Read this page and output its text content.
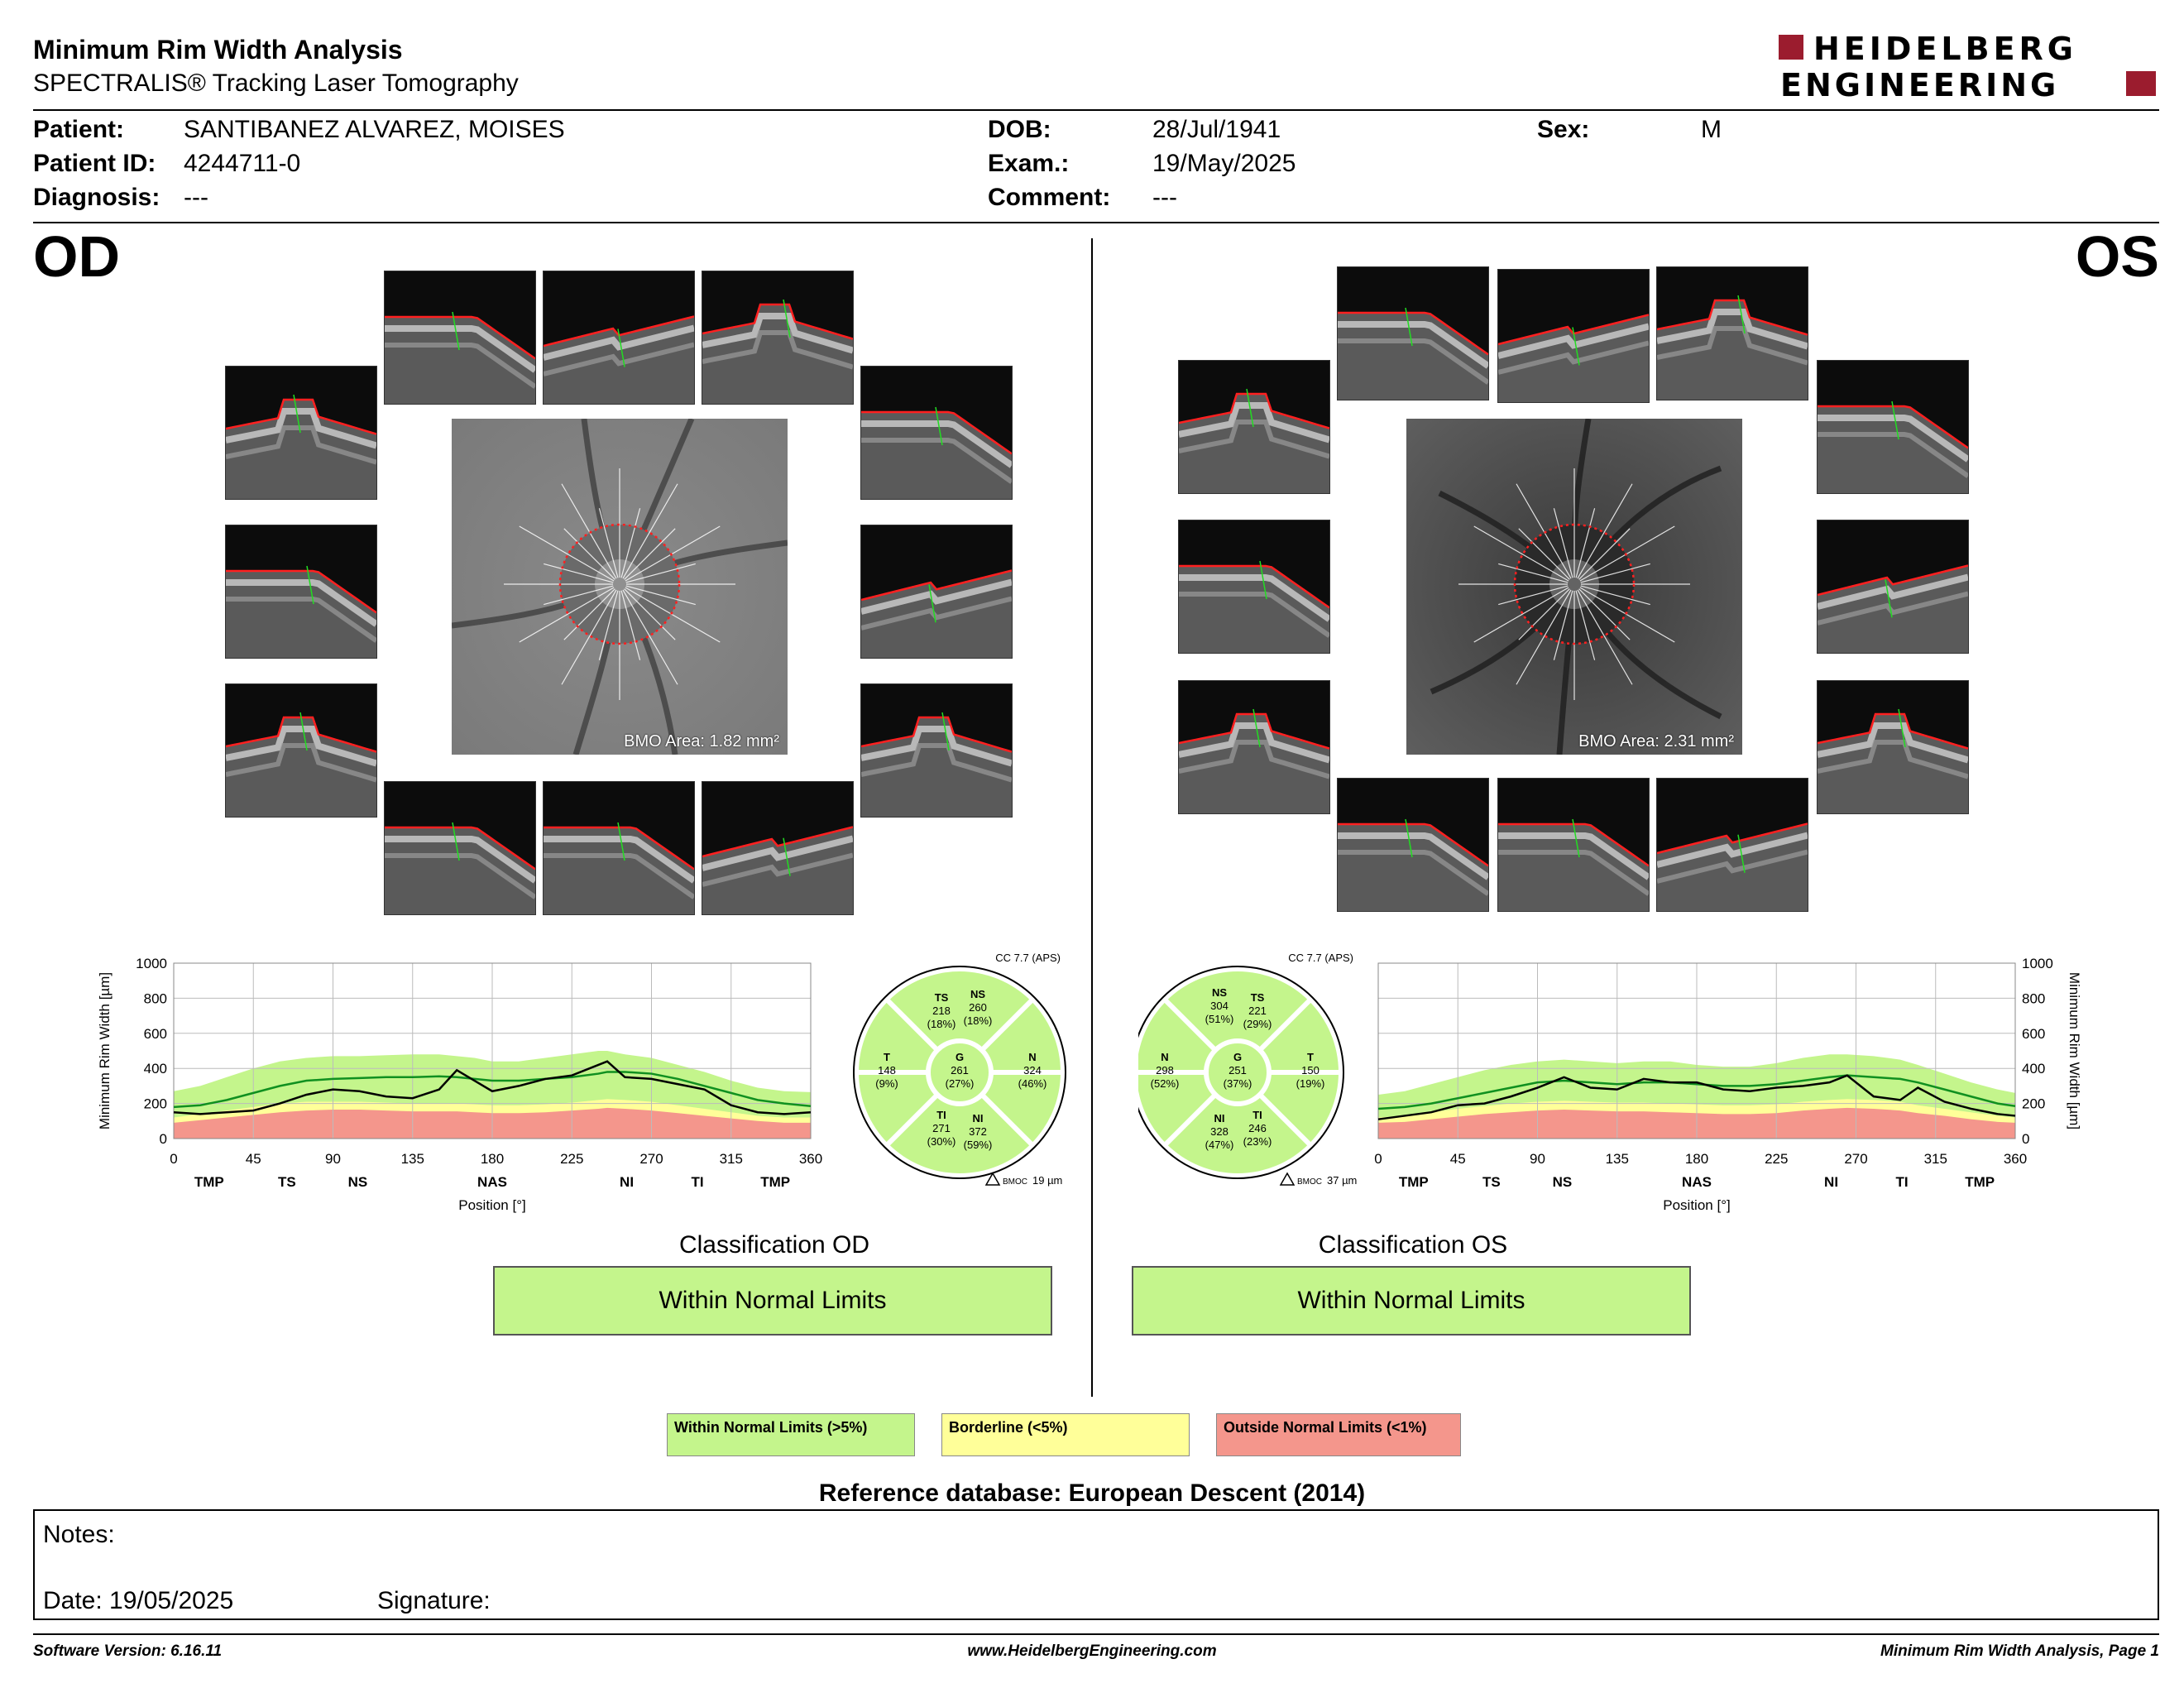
Minimum Rim Width Analysis
SPECTRALIS® Tracking Laser Tomography
HEIDELBERG
ENGINEERING
Patient: SANTIBANEZ ALVAREZ, MOISES
Patient ID: 4244711-0
Diagnosis: ---
DOB:	28/Jul/1941
Exam.:	19/May/2025
Comment: ---
Sex:	M
OD	OS
BMO Area: 1.82 mm²	BMO Area: 2.31 mm²
0
200
400
600
800
1000
0	45	90	135	180	225	270	315	360
TMP	TS	NS	NAS	NI	TI	TMP
Position [°]
Minimum Rim Width [µm]
0
200
400
600
800
1000
0	45	90	135	180	225	270	315	360
TMP	TS	NS	NAS	NI	TI	TMP
Position [°]
Minimum Rim Width [µm]
CC 7.7 (APS)
TS
218
(18%)
NS
260
(18%)
T
148
(9%)
G
261
(27%)
N
324
(46%)
TI
271
(30%)
NI
372
(59%)
BMOC 19 µm
CC 7.7 (APS)
NS
304
(51%)
TS
221
(29%)
N
298
(52%)
G
251
(37%)
T
150
(19%)
NI
328
(47%)
TI
246
(23%)
BMOC 37 µm
Classification OD
Within Normal Limits
Classification OS
Within Normal Limits
Within Normal Limits (>5%)	Borderline (<5%)	Outside Normal Limits (<1%)
Reference database: European Descent (2014)
Notes:
Date: 19/05/2025	Signature:
Software Version: 6.16.11	www.HeidelbergEngineering.com	Minimum Rim Width Analysis, Page 1
